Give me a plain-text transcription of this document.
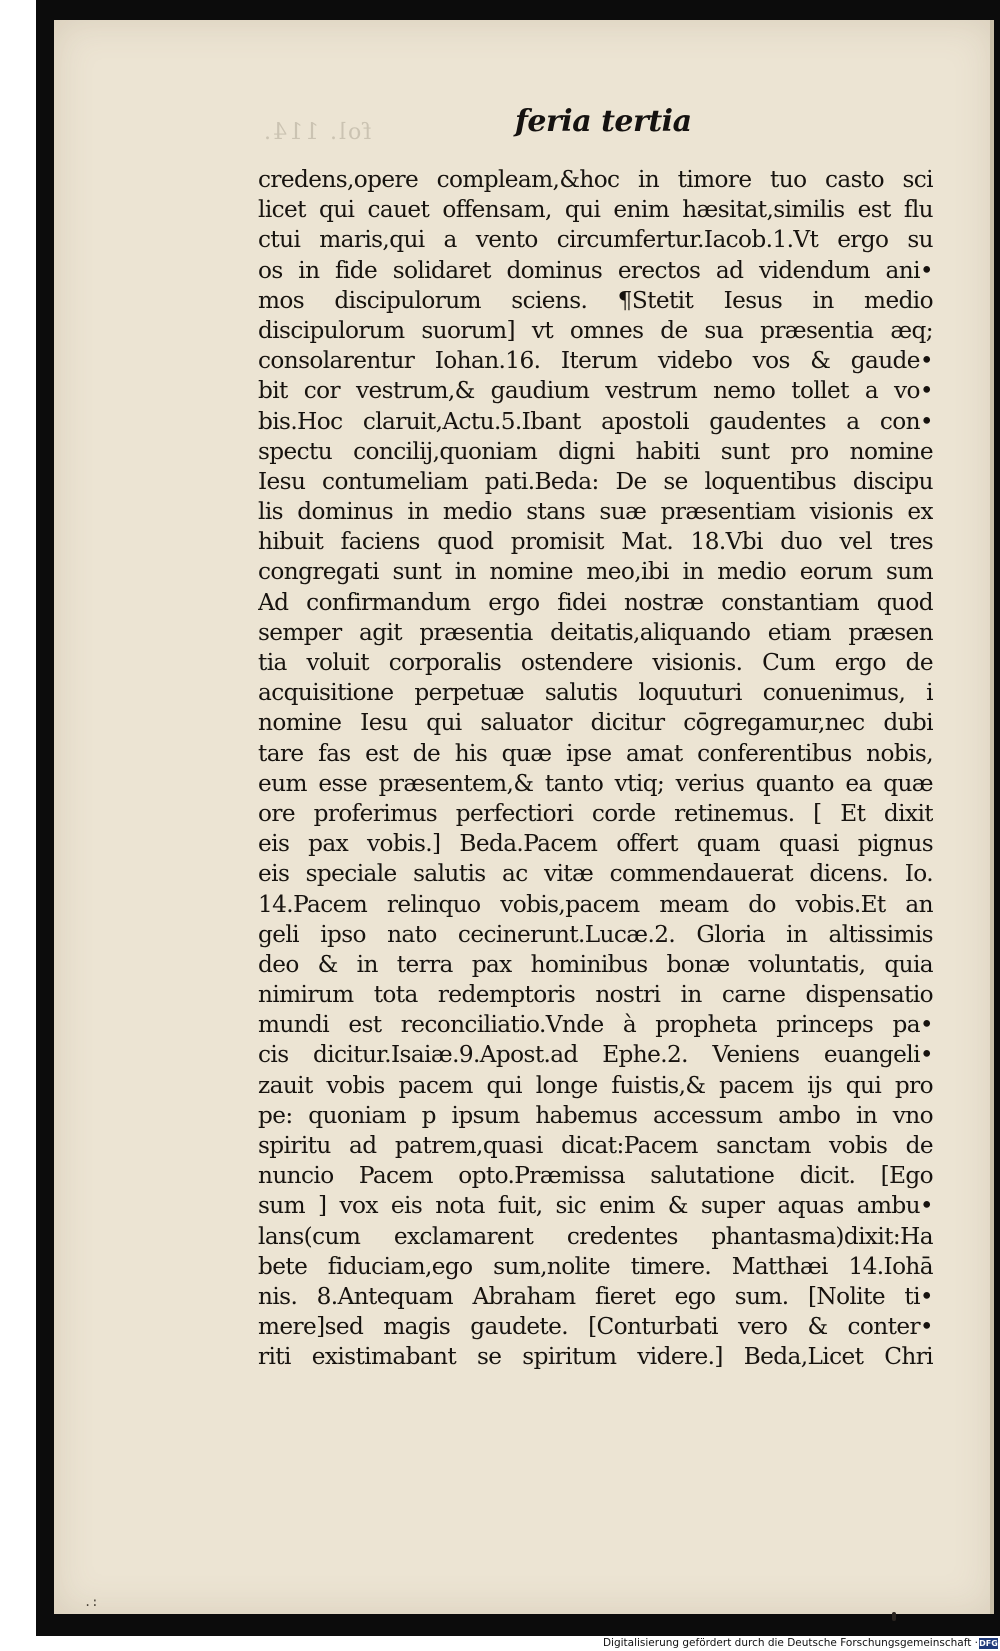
fol. 114.	feria tertia
credens,opere compleam,&hoc in timore tuo casto sci
licet qui cauet offensam, qui enim hæsitat,similis est flu
ctui maris,qui a vento circumfertur.Iacob.1.Vt ergo su
os in fide solidaret dominus erectos ad videndum ani•
mos discipulorum sciens. ¶Stetit Iesus in medio
discipulorum suorum] vt omnes de sua præsentia æq;
consolarentur Iohan.16. Iterum videbo vos & gaude•
bit cor vestrum,& gaudium vestrum nemo tollet a vo•
bis.Hoc claruit,Actu.5.Ibant apostoli gaudentes a con•
spectu concilij,quoniam digni habiti sunt pro nomine
Iesu contumeliam pati.Beda: De se loquentibus discipu
lis dominus in medio stans suæ præsentiam visionis ex
hibuit faciens quod promisit Mat. 18.Vbi duo vel tres
congregati sunt in nomine meo,ibi in medio eorum sum
Ad confirmandum ergo fidei nostræ constantiam quod
semper agit præsentia deitatis,aliquando etiam præsen
tia voluit corporalis ostendere visionis. Cum ergo de
acquisitione perpetuæ salutis loquuturi conuenimus, i
nomine Iesu qui saluator dicitur cōgregamur,nec dubi
tare fas est de his quæ ipse amat conferentibus nobis,
eum esse præsentem,& tanto vtiq; verius quanto ea quæ
ore proferimus perfectiori corde retinemus. [ Et dixit
eis pax vobis.] Beda.Pacem offert quam quasi pignus
eis speciale salutis ac vitæ commendauerat dicens. Io.
14.Pacem relinquo vobis,pacem meam do vobis.Et an
geli ipso nato cecinerunt.Lucæ.2. Gloria in altissimis
deo & in terra pax hominibus bonæ voluntatis, quia
nimirum tota redemptoris nostri in carne dispensatio
mundi est reconciliatio.Vnde à propheta princeps pa•
cis dicitur.Isaiæ.9.Apost.ad Ephe.2. Veniens euangeli•
zauit vobis pacem qui longe fuistis,& pacem ijs qui pro
pe: quoniam p ipsum habemus accessum ambo in vno
spiritu ad patrem,quasi dicat:Pacem sanctam vobis de
nuncio Pacem opto.Præmissa salutatione dicit. [Ego
sum ] vox eis nota fuit, sic enim & super aquas ambu•
lans(cum exclamarent credentes phantasma)dixit:Ha
bete fiduciam,ego sum,nolite timere. Matthæi 14.Iohā
nis. 8.Antequam Abraham fieret ego sum. [Nolite ti•
mere]sed magis gaudete. [Conturbati vero & conter•
riti existimabant se spiritum videre.] Beda,Licet Chri
.:
Digitalisierung gefördert durch die Deutsche Forschungsgemeinschaft · DFG
